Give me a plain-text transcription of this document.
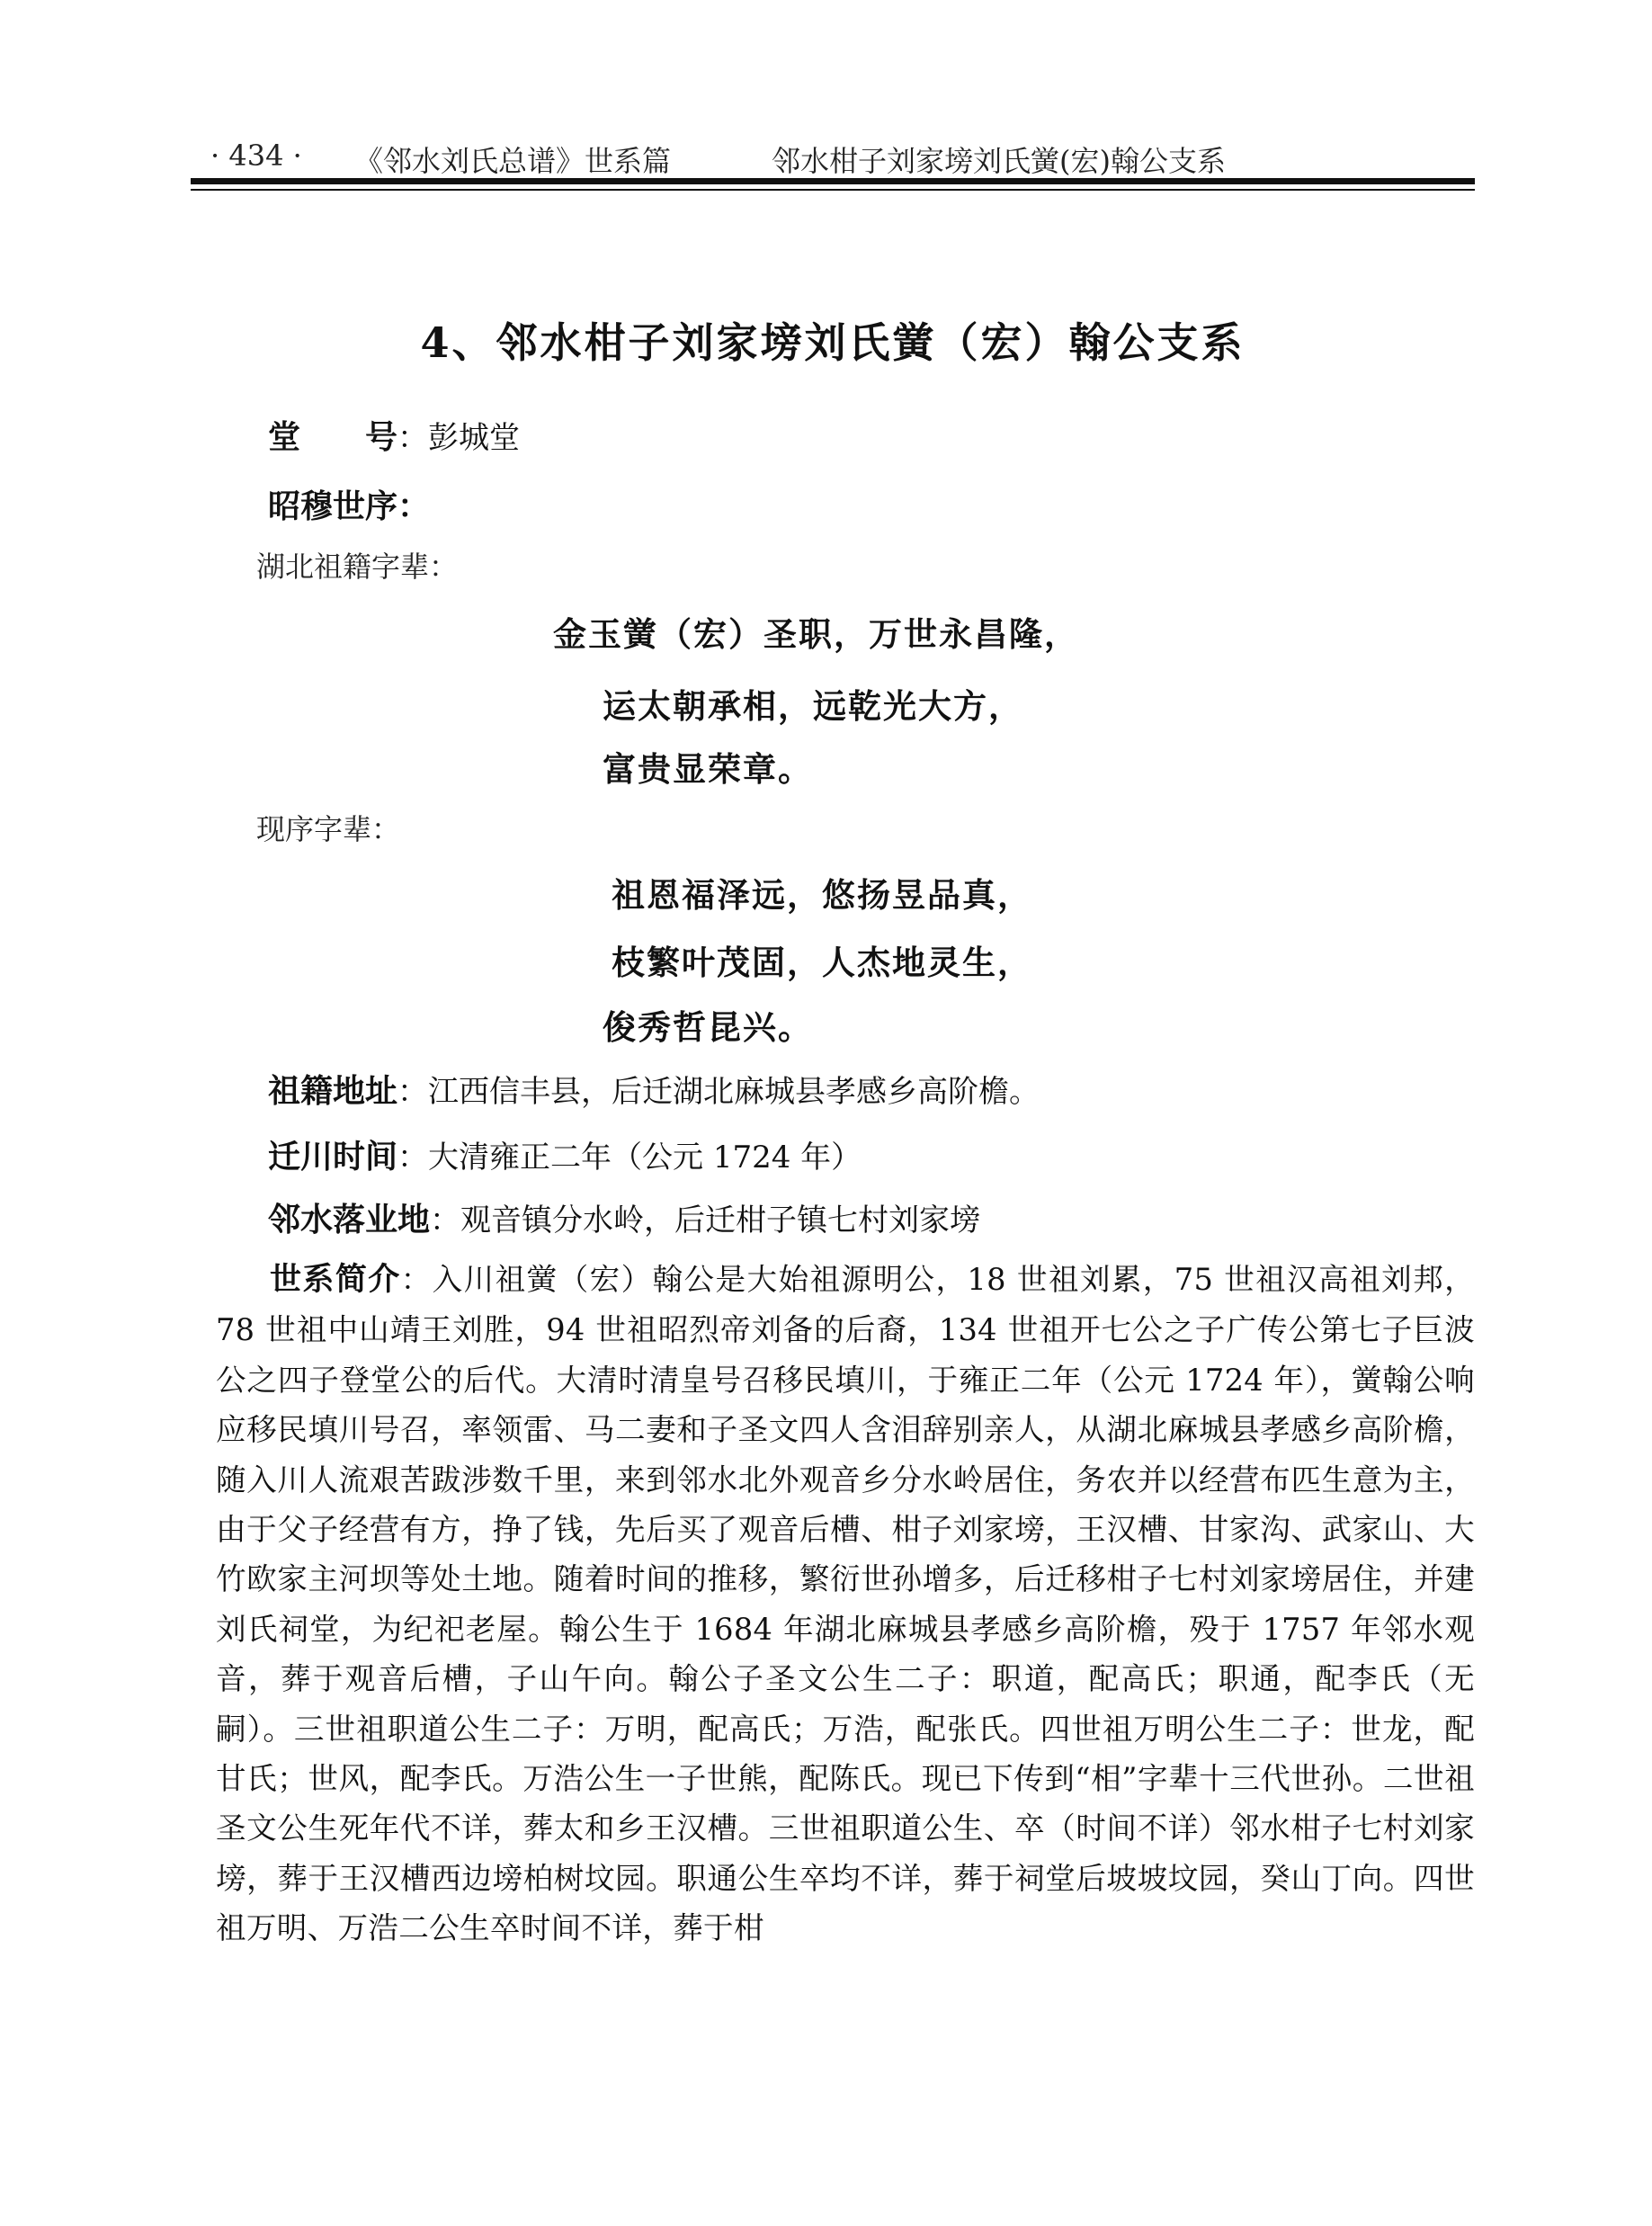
· 434 · 《邻水刘氏总谱》世系篇	邻水柑子刘家塝刘氏黉(宏)翰公支系
4、邻水柑子刘家塝刘氏黉（宏）翰公支系
堂　　号：彭城堂
昭穆世序：
湖北祖籍字辈：
金玉黉（宏）圣职，万世永昌隆，
运太朝承相，远乾光大方，
富贵显荣章。
现序字辈：
祖恩福泽远，悠扬昱品真，
枝繁叶茂固，人杰地灵生，
俊秀哲昆兴。
祖籍地址：江西信丰县，后迁湖北麻城县孝感乡高阶檐。
迁川时间：大清雍正二年（公元 1724 年）
邻水落业地：观音镇分水岭，后迁柑子镇七村刘家塝

世系简介：入川祖黉（宏）翰公是大始祖源明公，18 世祖刘累，75 世祖汉高祖刘邦，78 世祖中山靖王刘胜，94 世祖昭烈帝刘备的后裔，134 世祖开七公之子广传公第七子巨波公之四子登堂公的后代。大清时清皇号召移民填川，于雍正二年（公元 1724 年），黉翰公响应移民填川号召，率领雷、马二妻和子圣文四人含泪辞别亲人，从湖北麻城县孝感乡高阶檐，随入川人流艰苦跋涉数千里，来到邻水北外观音乡分水岭居住，务农并以经营布匹生意为主，由于父子经营有方，挣了钱，先后买了观音后槽、柑子刘家塝，王汉槽、甘家沟、武家山、大竹欧家主河坝等处土地。随着时间的推移，繁衍世孙增多，后迁移柑子七村刘家塝居住，并建刘氏祠堂，为纪祀老屋。翰公生于 1684 年湖北麻城县孝感乡高阶檐，殁于 1757 年邻水观音，葬于观音后槽，子山午向。翰公子圣文公生二子：职道，配高氏；职通，配李氏（无嗣）。三世祖职道公生二子：万明，配高氏；万浩，配张氏。四世祖万明公生二子：世龙，配甘氏；世风，配李氏。万浩公生一子世熊，配陈氏。现已下传到“相”字辈十三代世孙。二世祖圣文公生死年代不详，葬太和乡王汉槽。三世祖职道公生、卒（时间不详）邻水柑子七村刘家塝，葬于王汉槽西边塝柏树坟园。职通公生卒均不详，葬于祠堂后坡坡坟园，癸山丁向。四世祖万明、万浩二公生卒时间不详，葬于柑
